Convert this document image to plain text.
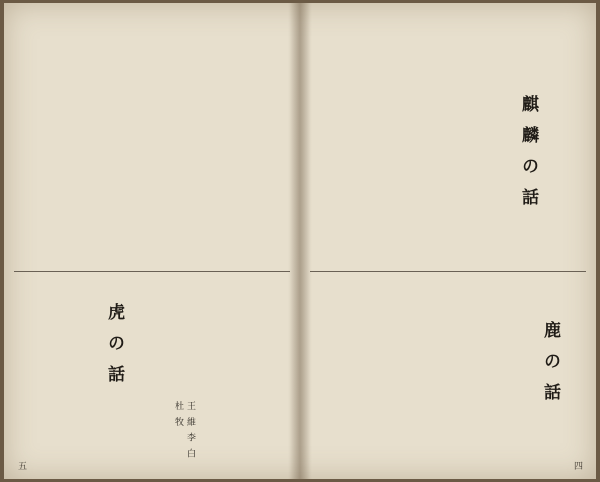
麒麟の話
鹿の話
四
王 維 李 白 杜 牧
虎の話
五
